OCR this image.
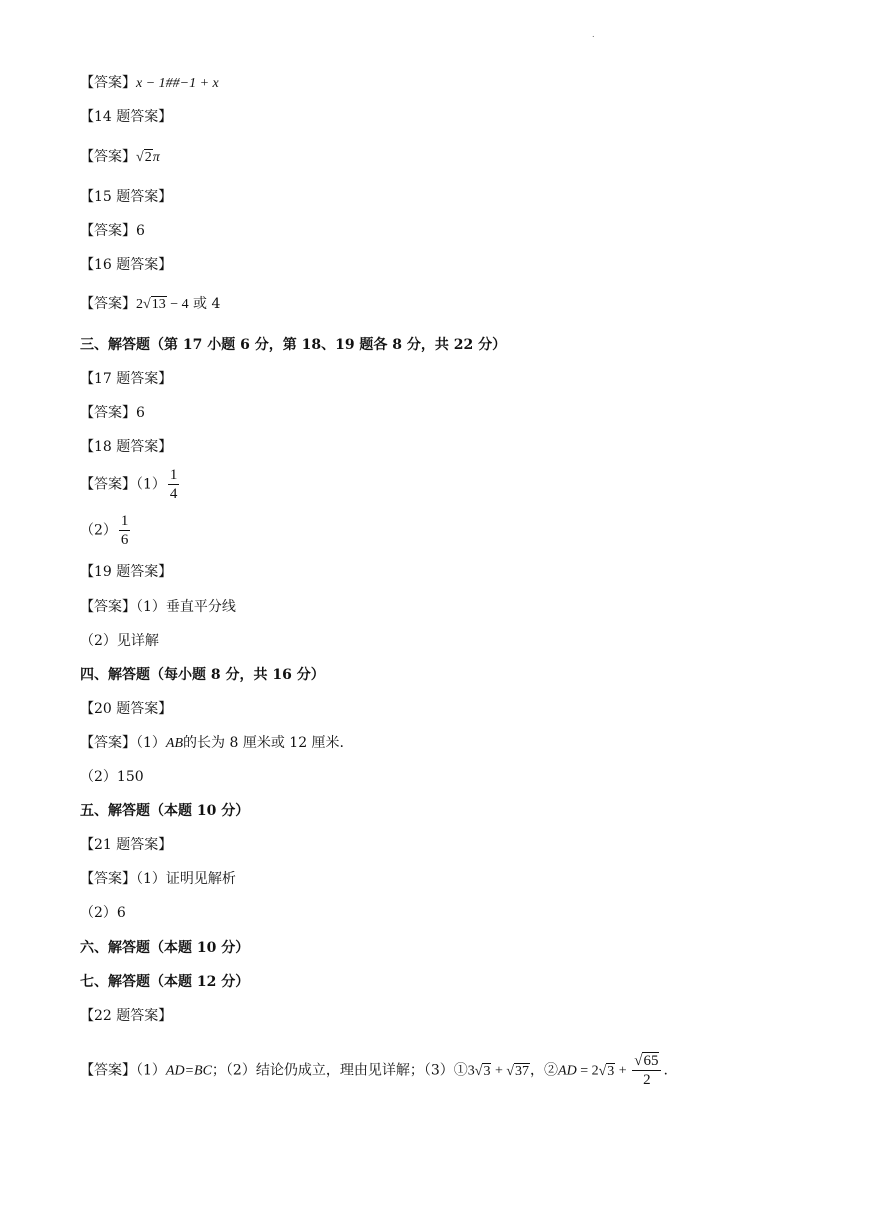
.
【答案】x − 1##−1 + x
【14 题答案】
【答案】√2π
【15 题答案】
【答案】6
【16 题答案】
【答案】2√13 − 4 或 4
三、解答题（第 17 小题 6 分，第 18、19 题各 8 分，共 22 分）
【17 题答案】
【答案】6
【18 题答案】
【答案】$(1) \frac{1}{4}$
$(2) \frac{1}{6}$
【19 题答案】
【答案】（1）垂直平分线
（2）见详解
四、解答题（每小题 8 分，共 16 分）
【20 题答案】
【答案】（1）AB的长为 8 厘米或 12 厘米.
（2）150
五、解答题（本题 10 分）
【21 题答案】
【答案】（1）证明见解析
（2）6
六、解答题（本题 10 分）
七、解答题（本题 12 分）
【22 题答案】
【答案】（1）AD=BC；（2）结论仍成立，理由见详解；（3）①3√3 + √37，②AD = $2√3 + \frac{√65}{2}$ .
